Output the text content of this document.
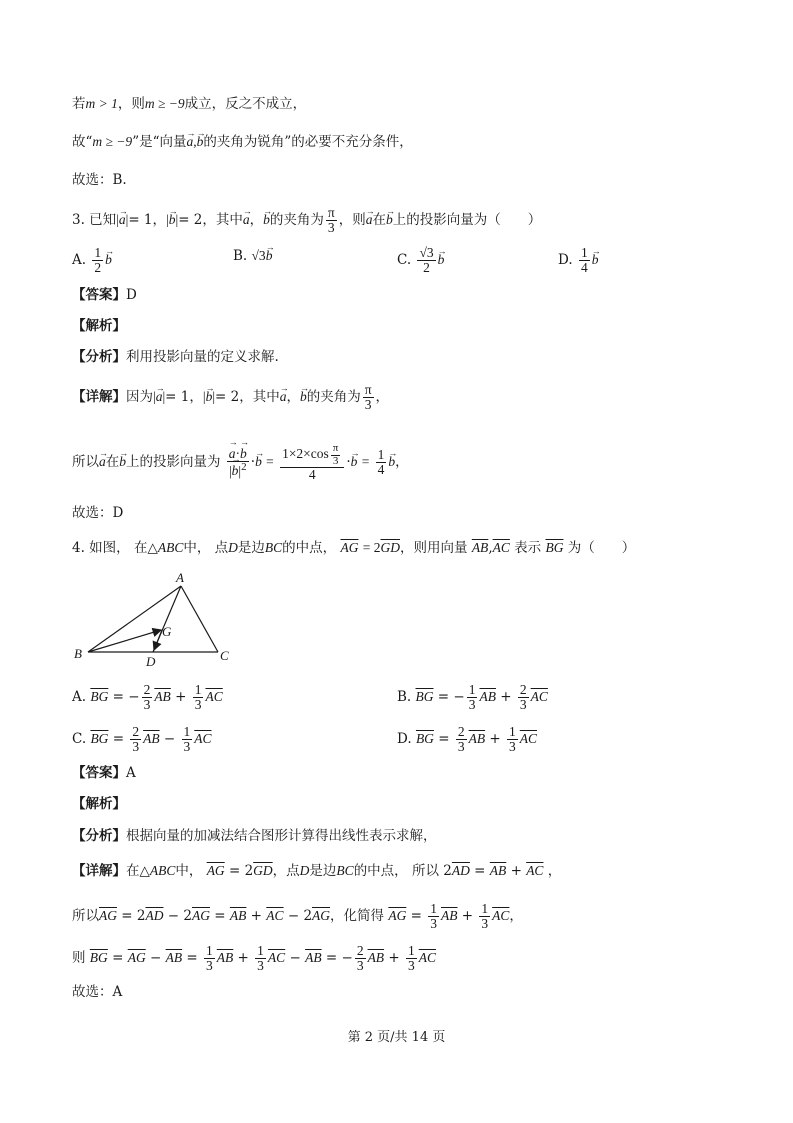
若m > 1，则m ≥ −9成立，反之不成立，
故“m ≥ −9”是“向量→ a,→ b的夹角为锐角”的必要不充分条件，
故选：B.
3. 已知|→ a|= 1，|→ b|= 2，其中→ a，→ b的夹角为 $\frac{\pi}{3}$ ，则→ a在→ b上的投影向量为（　　）
A. $\frac{1}{2} \to b$	B. √3→ b	C. $\frac{√3}{2} \to b$	D. $\frac{1}{4} \to b$
【答案】D
【解析】
【分析】利用投影向量的定义求解.
【详解】因为|→ a|= 1，|→ b|= 2，其中→ a，→ b的夹角为 $\frac{\pi}{3}$ ，
所以→ a在→ b上的投影向量为 → $\frac{a\cdot\to b}{|\to b|^2} \cdot\to b = \frac{1\times 2\times\cos \frac{\pi}{3}}{4} \cdot\to b = \frac{1}{4} \to b$，
故选：D
4. 如图， 在△ABC中， 点D是边BC的中点， $\overline{AG} = 2\overline{GD}$，则用向量 $\overline{AB},\overline{AC}$ 表示 $\overline{BG}$ 为（　　）
A
B	C
D
G
A. $\overline{BG}$ = − $\frac{2}{3} \overline{AB} + \frac{1}{3} \overline{AC}$	B. $\overline{BG}$ = − $\frac{1}{3} \overline{AB} + \frac{2}{3} \overline{AC}$
C. $\overline{BG} = \frac{2}{3} \overline{AB} - \frac{1}{3} \overline{AC}$	D. $\overline{BG} = \frac{2}{3} \overline{AB} + \frac{1}{3} \overline{AC}$
【答案】A
【解析】
【分析】根据向量的加减法结合图形计算得出线性表示求解，
【详解】在△ABC中， $\overline{AG} = 2\overline{GD}$，点D是边BC的中点， 所以 $2\overline{AD} = \overline{AB} + \overline{AC}$ ，
所以$\overline{AG} = 2\overline{AD} - 2\overline{AG} = \overline{AB} + \overline{AC} - 2\overline{AG}$，化简得 $\overline{AG} = \frac{1}{3} \overline{AB} + \frac{1}{3} \overline{AC}$，
则 $\overline{BG} = \overline{AG} - \overline{AB} = \frac{1}{3} \overline{AB} + \frac{1}{3} \overline{AC} - \overline{AB}$ = − $\frac{2}{3} \overline{AB} + \frac{1}{3} \overline{AC}$
故选：A
第 2 页/共 14 页
